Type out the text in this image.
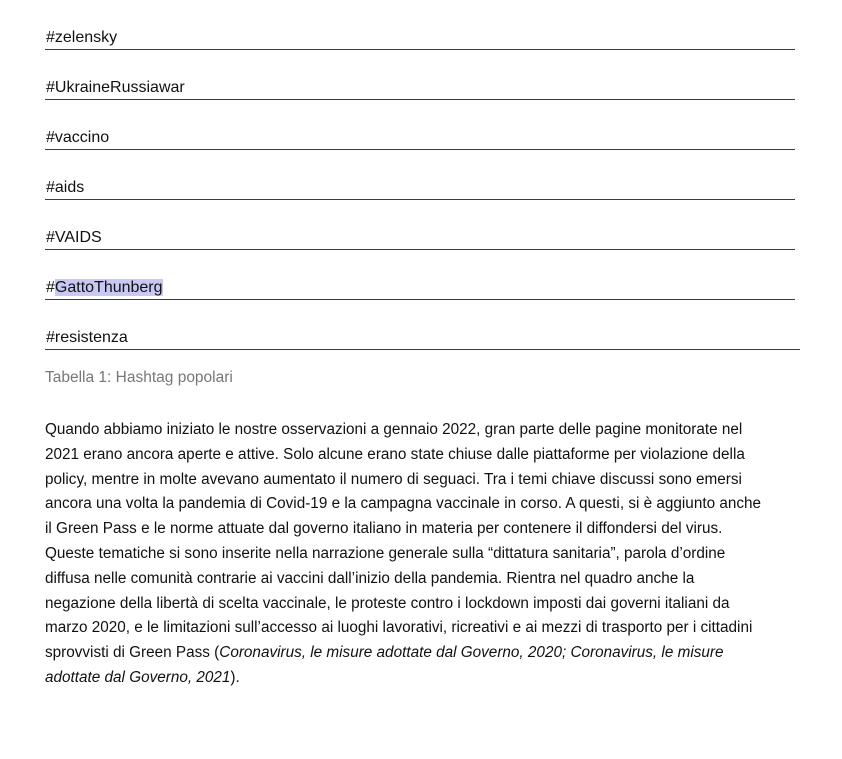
#zelensky
#UkraineRussiawar
#vaccino
#aids
#VAIDS
#GattoThunberg
#resistenza
Tabella 1: Hashtag popolari
Quando abbiamo iniziato le nostre osservazioni a gennaio 2022, gran parte delle pagine monitorate nel
2021 erano ancora aperte e attive. Solo alcune erano state chiuse dalle piattaforme per violazione della
policy, mentre in molte avevano aumentato il numero di seguaci. Tra i temi chiave discussi sono emersi
ancora una volta la pandemia di Covid-19 e la campagna vaccinale in corso. A questi, si è aggiunto anche
il Green Pass e le norme attuate dal governo italiano in materia per contenere il diffondersi del virus.
Queste tematiche si sono inserite nella narrazione generale sulla “dittatura sanitaria”, parola d’ordine
diffusa nelle comunità contrarie ai vaccini dall’inizio della pandemia. Rientra nel quadro anche la
negazione della libertà di scelta vaccinale, le proteste contro i lockdown imposti dai governi italiani da
marzo 2020, e le limitazioni sull’accesso ai luoghi lavorativi, ricreativi e ai mezzi di trasporto per i cittadini
sprovvisti di Green Pass (Coronavirus, le misure adottate dal Governo, 2020; Coronavirus, le misure
adottate dal Governo, 2021).
